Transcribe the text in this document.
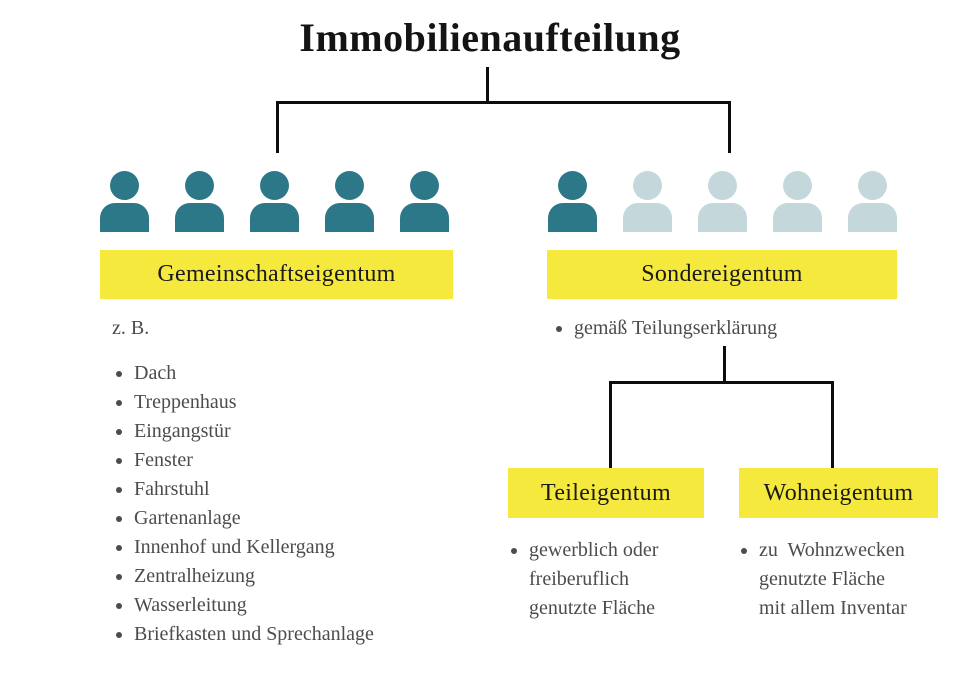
Immobilienaufteilung
Gemeinschaftseigentum	Sondereigentum
z. B.
Dach
Treppenhaus
Eingangstür
Fenster
Fahrstuhl
Gartenanlage
Innenhof und Kellergang
Zentralheizung
Wasserleitung
Briefkasten und Sprechanlage
gemäß Teilungserklärung
Teileigentum	Wohneigentum
gewerblich oder
freiberuflich
genutzte Fläche
zu  Wohnzwecken
genutzte Fläche
mit allem Inventar
